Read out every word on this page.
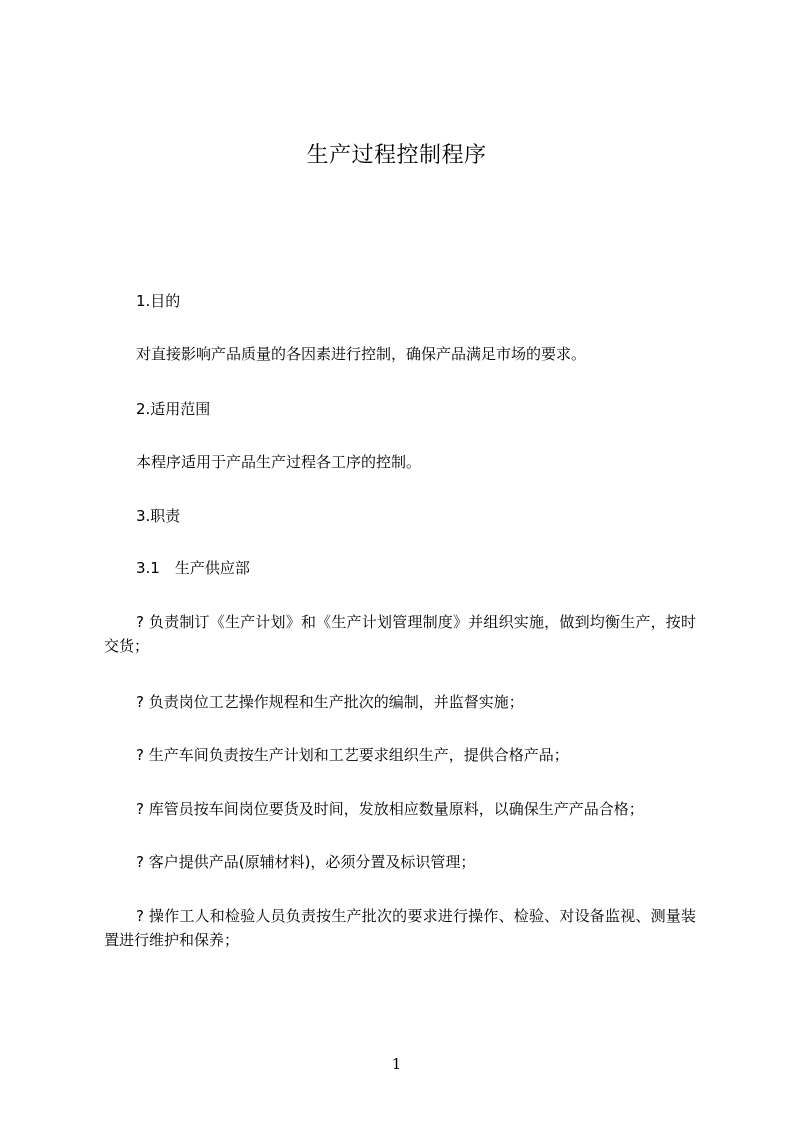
生产过程控制程序
1.目的
对直接影响产品质量的各因素进行控制，确保产品满足市场的要求。
2.适用范围
本程序适用于产品生产过程各工序的控制。
3.职责
3.1　生产供应部
? 负责制订《生产计划》和《生产计划管理制度》并组织实施，做到均衡生产，按时交货；
? 负责岗位工艺操作规程和生产批次的编制，并监督实施；
? 生产车间负责按生产计划和工艺要求组织生产，提供合格产品；
? 库管员按车间岗位要货及时间，发放相应数量原料，以确保生产产品合格；
? 客户提供产品(原辅材料)，必须分置及标识管理；
? 操作工人和检验人员负责按生产批次的要求进行操作、检验、对设备监视、测量装置进行维护和保养；
1
